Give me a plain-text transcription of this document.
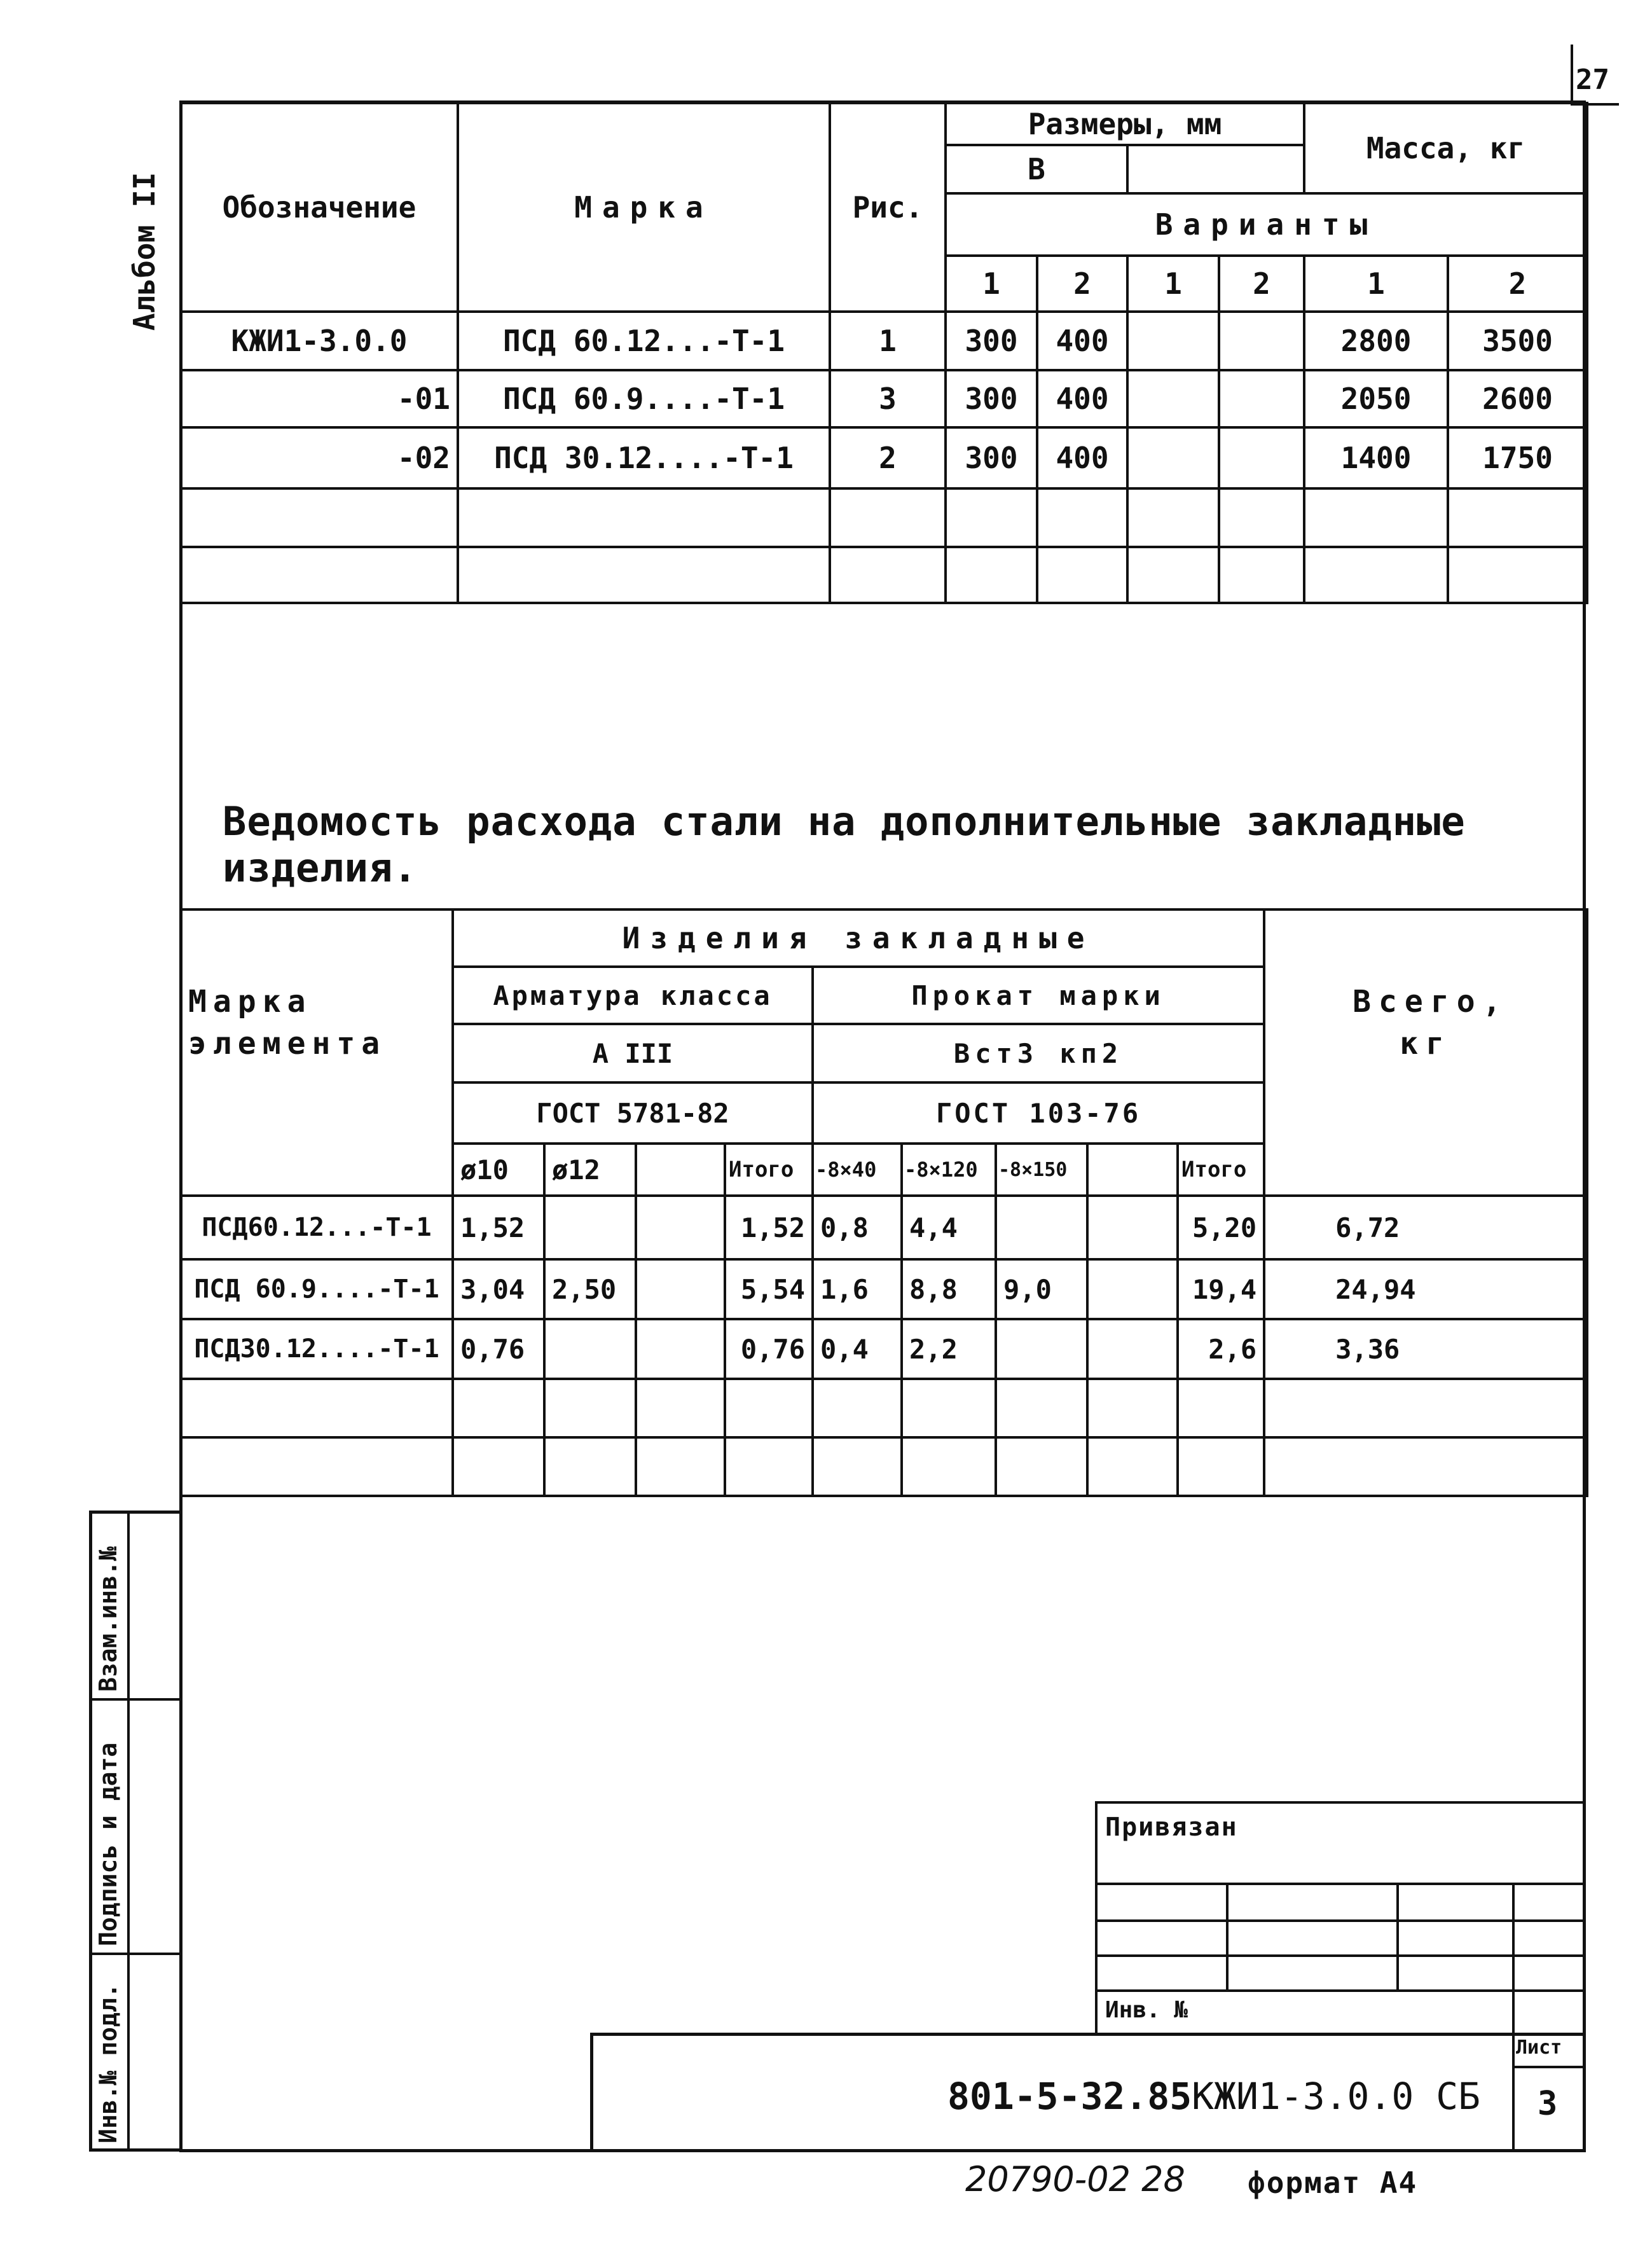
27
Альбом II Обозначение	Марка	Рис.	Размеры, мм				Масса, кг	
			В					
			Варианты					
			1	2	1	2	1	2
КЖИ1-3.0.0	ПСД 60.12...-Т-1	1	300	400			2800	3500
-01	ПСД 60.9....-Т-1	3	300	400			2050	2600
-02	ПСД 30.12....-Т-1	2	300	400			1400	1750

Ведомость расхода стали на дополнительные закладные изделия.
Марка элемента	Изделия закладные									Всего, кг

	Арматура класса				Прокат марки					
	А III				Вст3 кп2					
	ГОСТ 5781-82				ГОСТ 103-76					
	ø10	ø12		Итого	-8×40	-8×120	-8×150		Итого	
ПСД60.12...-Т-1	1,52			1,52	0,8	4,4			5,20	6,72
ПСД 60.9....-Т-1	3,04	2,50		5,54	1,6	8,8	9,0		19,4	24,94
ПСД30.12....-Т-1	0,76			0,76	0,4	2,2			2,6	3,36

Взам.инв.№
Подпись и дата
Инв.№ подл.
Привязан
Инв. №
Лист
3
801-5-32.85КЖИ1-3.0.0 СБ
20790-02 28 формат А4
